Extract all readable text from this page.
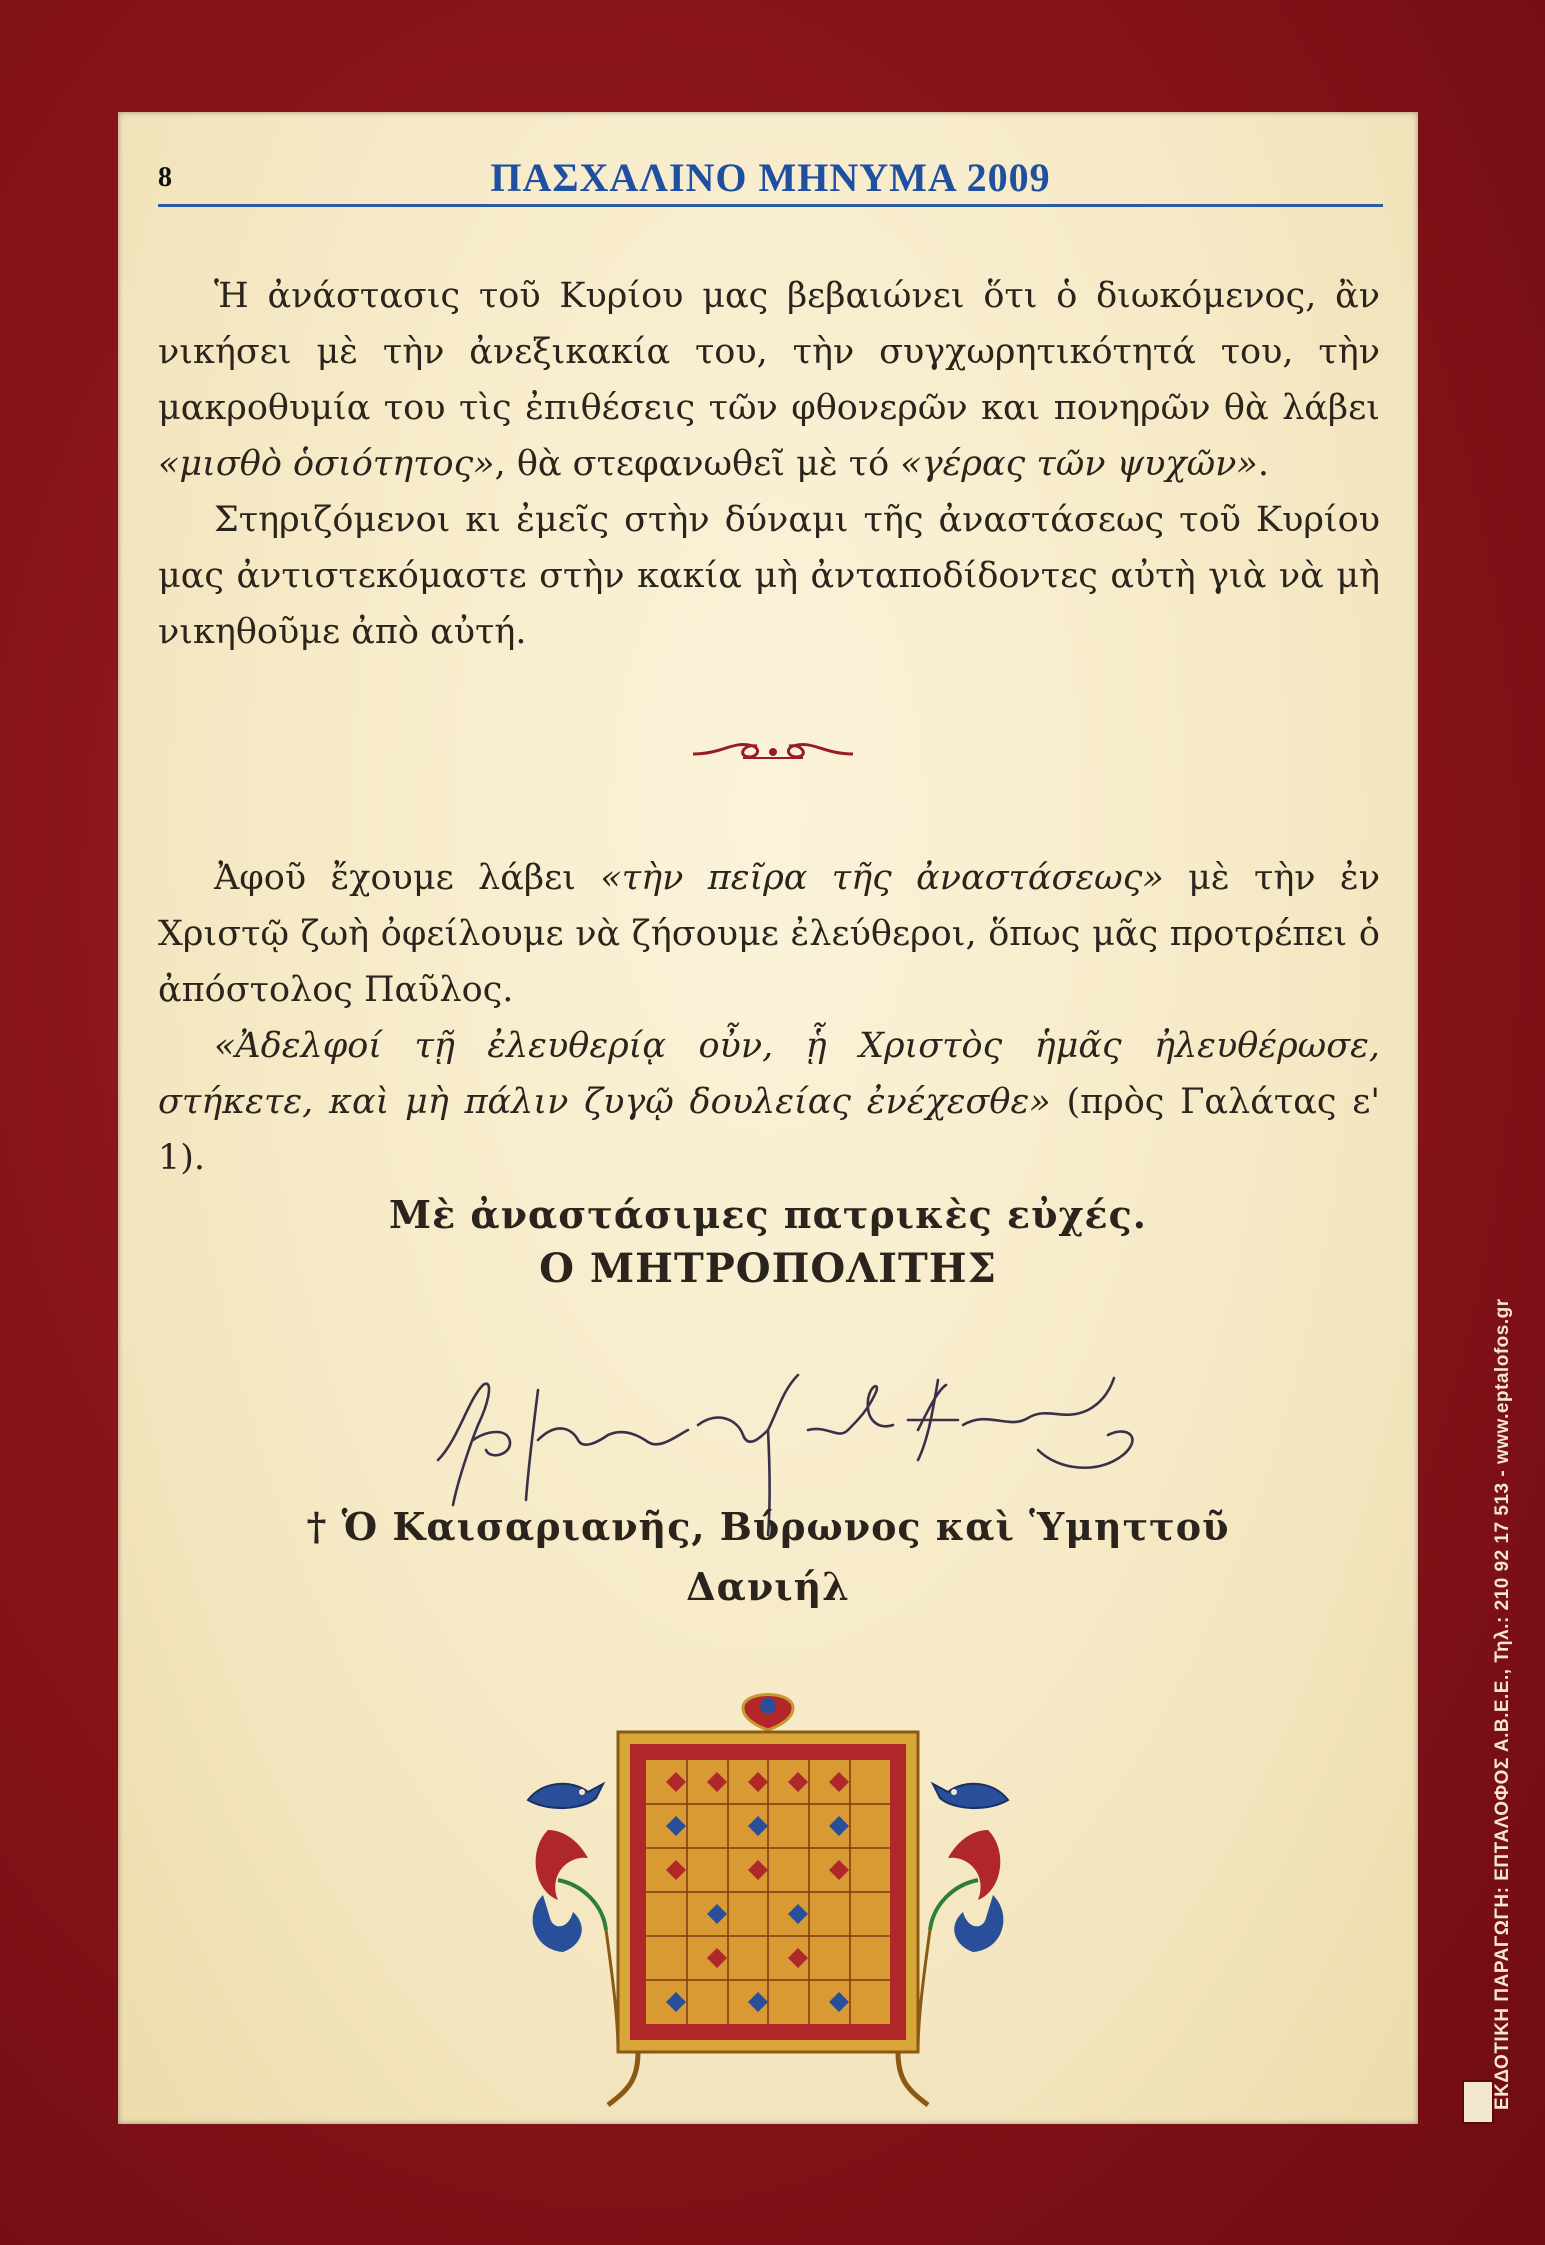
8	ΠΑΣΧΑΛΙΝΟ ΜΗΝΥΜΑ 2009

Ἡ ἀνάστασις τοῦ Κυρίου μας βεβαιώνει ὅτι ὁ διωκόμενος, ἂν νικήσει μὲ τὴν ἀνεξικακία του, τὴν συγχωρητικότητά του, τὴν μακροθυμία του τὶς ἐπιθέσεις τῶν φθονερῶν και πονηρῶν θὰ λάβει «μισθὸ ὁσιότητος», θὰ στεφανωθεῖ μὲ τό «γέρας τῶν ψυχῶν».

Στηριζόμενοι κι ἐμεῖς στὴν δύναμι τῆς ἀναστάσεως τοῦ Κυρίου μας ἀντιστεκόμαστε στὴν κακία μὴ ἀνταποδίδοντες αὐτὴ γιὰ νὰ μὴ νικηθοῦμε ἀπὸ αὐτή.

Ἀφοῦ ἔχουμε λάβει «τὴν πεῖρα τῆς ἀναστάσεως» μὲ τὴν ἐν Χριστῷ ζωὴ ὀφείλουμε νὰ ζήσουμε ἐλεύθεροι, ὅπως μᾶς προτρέπει ὁ ἀπόστολος Παῦλος.

«Ἀδελφοί τῇ ἐλευθερίᾳ οὖν, ᾗ Χριστὸς ἡμᾶς ἠλευθέρωσε, στήκετε, καὶ μὴ πάλιν ζυγῷ δουλείας ἐνέχεσθε» (πρὸς Γαλάτας ε' 1).

Μὲ ἀναστάσιμες πατρικὲς εὐχές.
Ο ΜΗΤΡΟΠΟΛΙΤΗΣ
† Ὁ Καισαριανῆς, Βύρωνος καὶ Ὑμηττοῦ
Δανιήλ	ΕΚΔΟΤΙΚΗ ΠΑΡΑΓΩΓΗ: ΕΠΤΑΛΟΦΟΣ Α.Β.Ε.Ε., Τηλ.: 210 92 17 513 - www.eptalofos.gr
